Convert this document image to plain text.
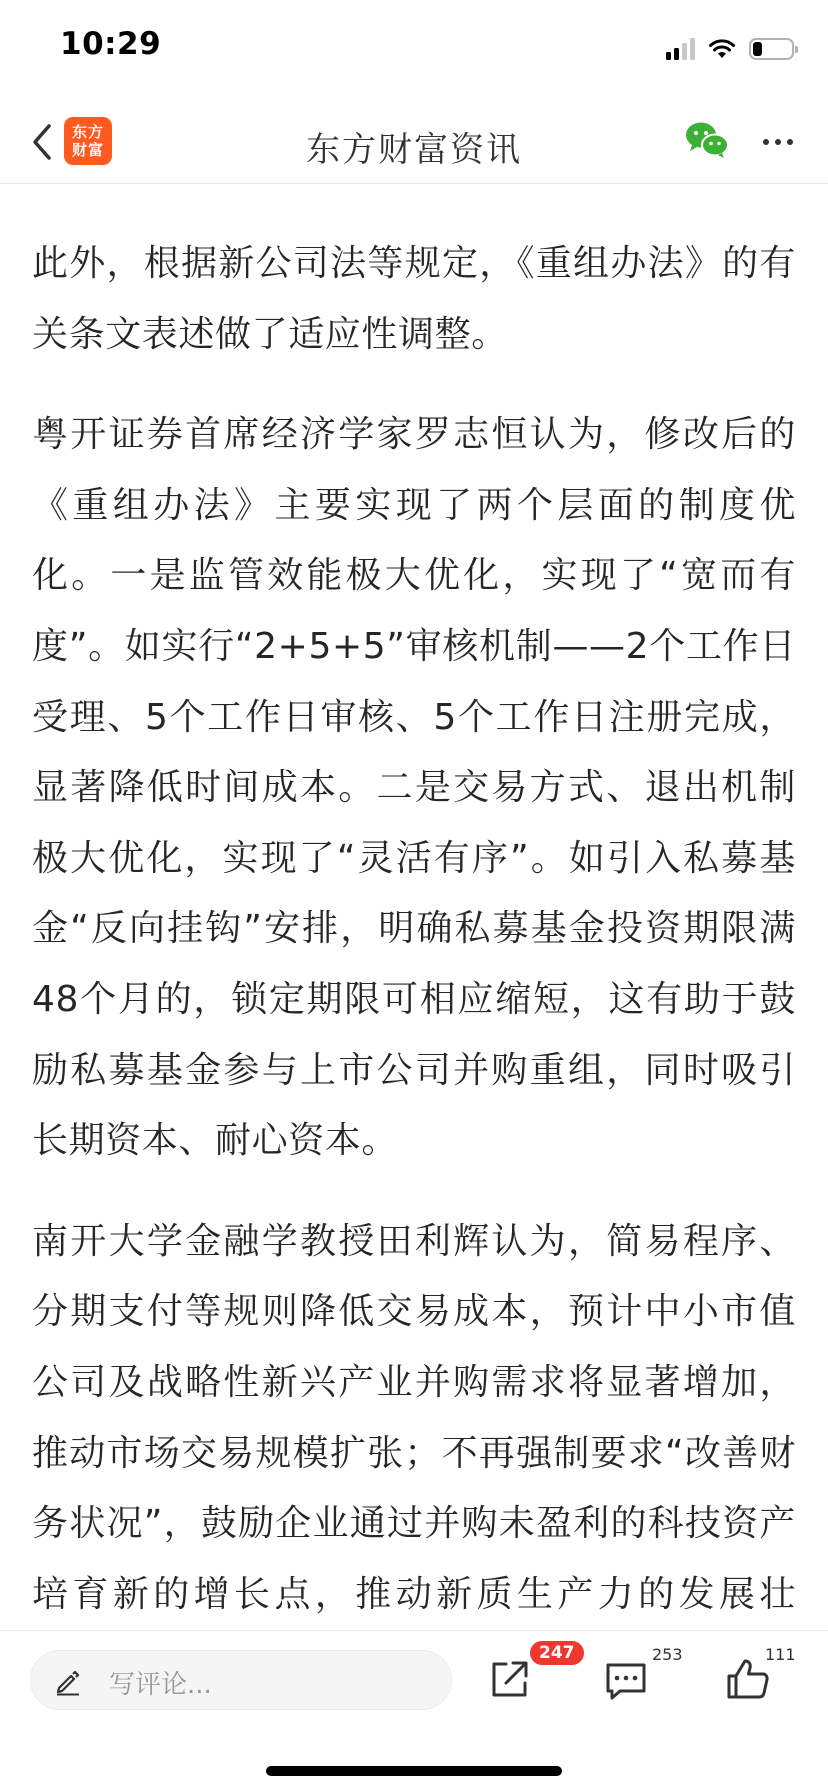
10:29
东方
财富	东方财富资讯

此外，根据新公司法等规定，《重组办法》的有关条文表述做了适应性调整。

粤开证券首席经济学家罗志恒认为，修改后的《重组办法》主要实现了两个层面的制度优化。一是监管效能极大优化，实现了“宽而有度”。如实行“2+5+5”审核机制——2个工作日受理、5个工作日审核、5个工作日注册完成，显著降低时间成本。二是交易方式、退出机制极大优化，实现了“灵活有序”。如引入私募基金“反向挂钩”安排，明确私募基金投资期限满48个月的，锁定期限可相应缩短，这有助于鼓励私募基金参与上市公司并购重组，同时吸引长期资本、耐心资本。

南开大学金融学教授田利辉认为，简易程序、分期支付等规则降低交易成本，预计中小市值公司及战略性新兴产业并购需求将显著增加，推动市场交易规模扩张；不再强制要求“改善财务状况”，鼓励企业通过并购未盈利的科技资产培育新的增长点，推动新质生产力的发展壮

写评论...
247	253	111
